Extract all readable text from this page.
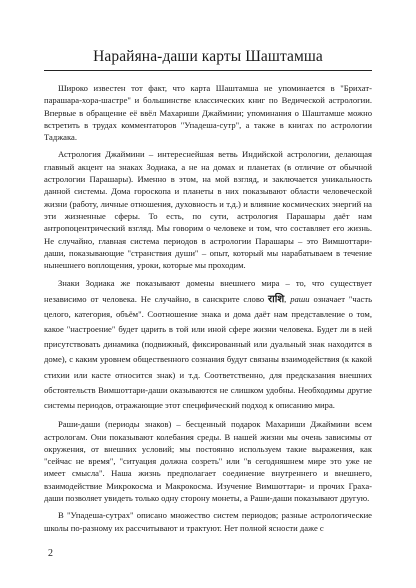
Нарайяна-даши карты Шаштамша

Широко известен тот факт, что карта Шаштамша не упоминается в "Брихат-парашара-хора-шастре" и большинстве классических книг по Ведической астрологии. Впервые в обращение её ввёл Махариши Джаймини; упоминания о Шаштамше можно встретить в трудах комментаторов "Упадеша-сутр", а также в книгах по астрологии Таджака.

Астрология Джаймини – интереснейшая ветвь Индийской астрологии, делающая главный акцент на знаках Зодиака, а не на домах и планетах (в отличие от обычной астрологии Парашары). Именно в этом, на мой взгляд, и заключается уникальность данной системы. Дома гороскопа и планеты в них показывают области человеческой жизни (работу, личные отношения, духовность и т.д.) и влияние космических энергий на эти жизненные сферы. То есть, по сути, астрология Парашары даёт нам антропоцентрический взгляд. Мы говорим о человеке и том, что составляет его жизнь. Не случайно, главная система периодов в астрологии Парашары – это Вимшоттари-даши, показывающие "странствия души" – опыт, который мы нарабатываем в течение нынешнего воплощения, уроки, которые мы проходим.

Знаки Зодиака же показывают домены внешнего мира – то, что существует независимо от человека. Не случайно, в санскрите слово राशि, раши означает "часть целого, категория, объём". Соотношение знака и дома даёт нам представление о том, какое "настроение" будет царить в той или иной сфере жизни человека. Будет ли в ней присутствовать динамика (подвижный, фиксированный или дуальный знак находится в доме), с каким уровнем общественного сознания будут связаны взаимодействия (к какой стихии или касте относится знак) и т.д. Соответственно, для предсказания внешних обстоятельств Вимшоттари-даши оказываются не слишком удобны. Необходимы другие системы периодов, отражающие этот специфический подход к описанию мира.

Раши-даши (периоды знаков) – бесценный подарок Махариши Джаймини всем астрологам. Они показывают колебания среды. В нашей жизни мы очень зависимы от окружения, от внешних условий; мы постоянно используем такие выражения, как "сейчас не время", "ситуация должна созреть" или "в сегодняшнем мире это уже не имеет смысла". Наша жизнь предполагает соединение внутреннего и внешнего, взаимодействие Микрокосма и Макрокосма. Изучение Вимшоттари- и прочих Граха-даши позволяет увидеть только одну сторону монеты, а Раши-даши показывают другую.

В "Упадеша-сутрах" описано множество систем периодов; разные астрологические школы по-разному их рассчитывают и трактуют. Нет полной ясности даже с

2
